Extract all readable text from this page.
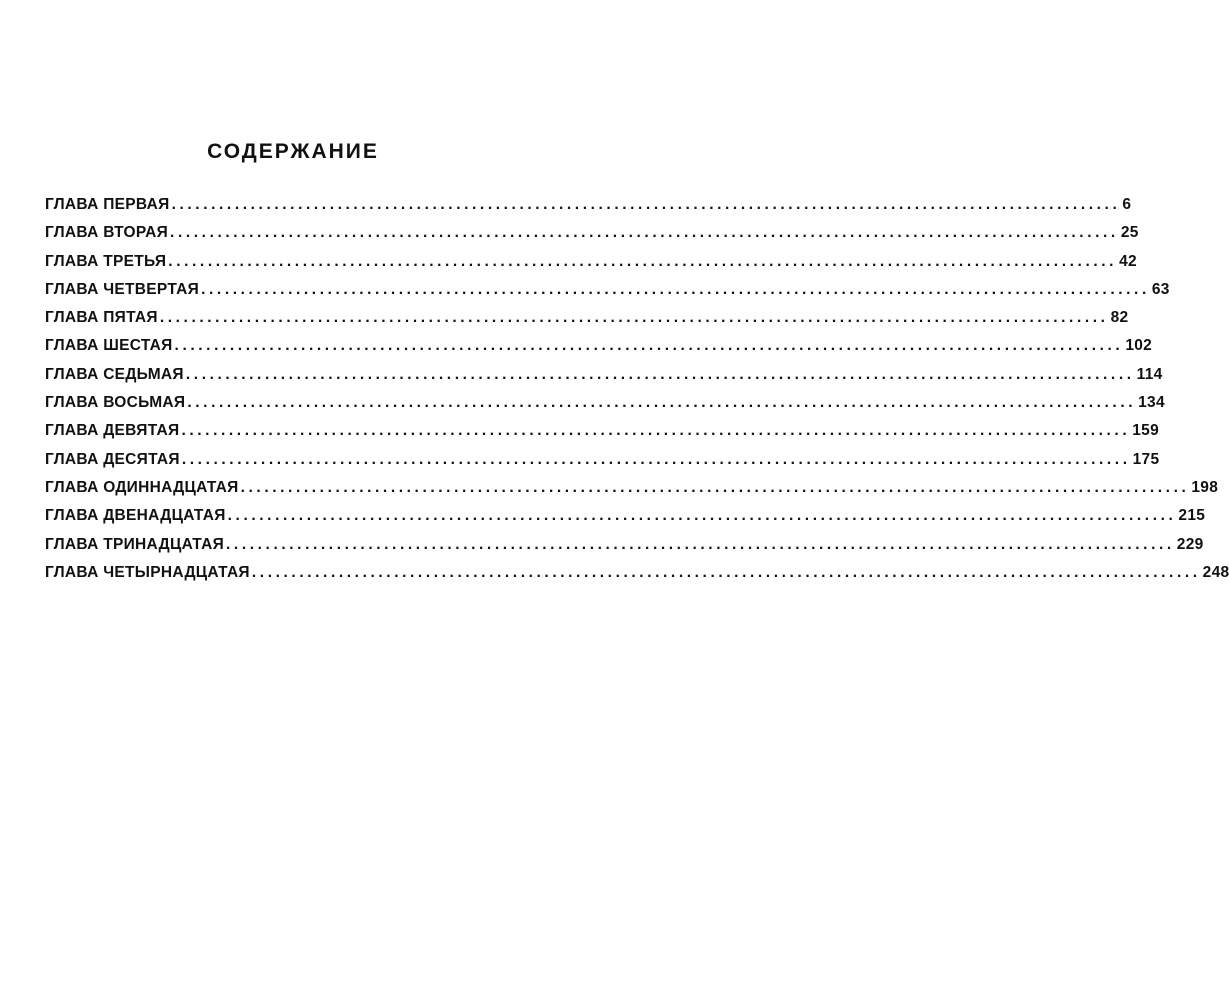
СОДЕРЖАНИЕ
ГЛАВА ПЕРВАЯ ........................................................................................................................ 6
ГЛАВА ВТОРАЯ ........................................................................................................................ 25
ГЛАВА ТРЕТЬЯ ........................................................................................................................ 42
ГЛАВА ЧЕТВЕРТАЯ ........................................................................................................................ 63
ГЛАВА ПЯТАЯ ........................................................................................................................ 82
ГЛАВА ШЕСТАЯ ........................................................................................................................ 102
ГЛАВА СЕДЬМАЯ ........................................................................................................................ 114
ГЛАВА ВОСЬМАЯ ........................................................................................................................ 134
ГЛАВА ДЕВЯТАЯ ........................................................................................................................ 159
ГЛАВА ДЕСЯТАЯ ........................................................................................................................ 175
ГЛАВА ОДИННАДЦАТАЯ ........................................................................................................................ 198
ГЛАВА ДВЕНАДЦАТАЯ ........................................................................................................................ 215
ГЛАВА ТРИНАДЦАТАЯ ........................................................................................................................ 229
ГЛАВА ЧЕТЫРНАДЦАТАЯ ........................................................................................................................ 248
